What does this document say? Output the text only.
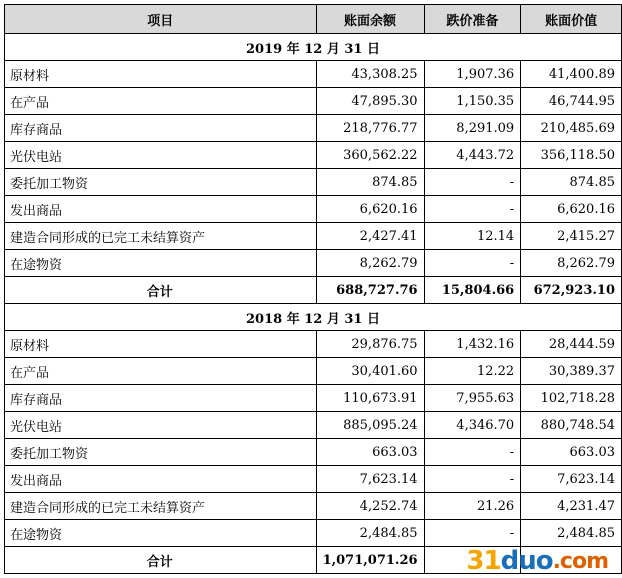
项目	账面余额	跌价准备	账面价值
2019 年 12 月 31 日			
原材料	43,308.25	1,907.36	41,400.89
在产品	47,895.30	1,150.35	46,744.95
库存商品	218,776.77	8,291.09	210,485.69
光伏电站	360,562.22	4,443.72	356,118.50
委托加工物资	874.85	-	874.85
发出商品	6,620.16	-	6,620.16
建造合同形成的已完工未结算资产	2,427.41	12.14	2,415.27
在途物资	8,262.79	-	8,262.79
合计	688,727.76	15,804.66	672,923.10
2018 年 12 月 31 日			
原材料	29,876.75	1,432.16	28,444.59
在产品	30,401.60	12.22	30,389.37
库存商品	110,673.91	7,955.63	102,718.28
光伏电站	885,095.24	4,346.70	880,748.54
委托加工物资	663.03	-	663.03
发出商品	7,623.14	-	7,623.14
建造合同形成的已完工未结算资产	4,252.74	21.26	4,231.47
在途物资	2,484.85	-	2,484.85
合计	1,071,071.26		31 duo .com
